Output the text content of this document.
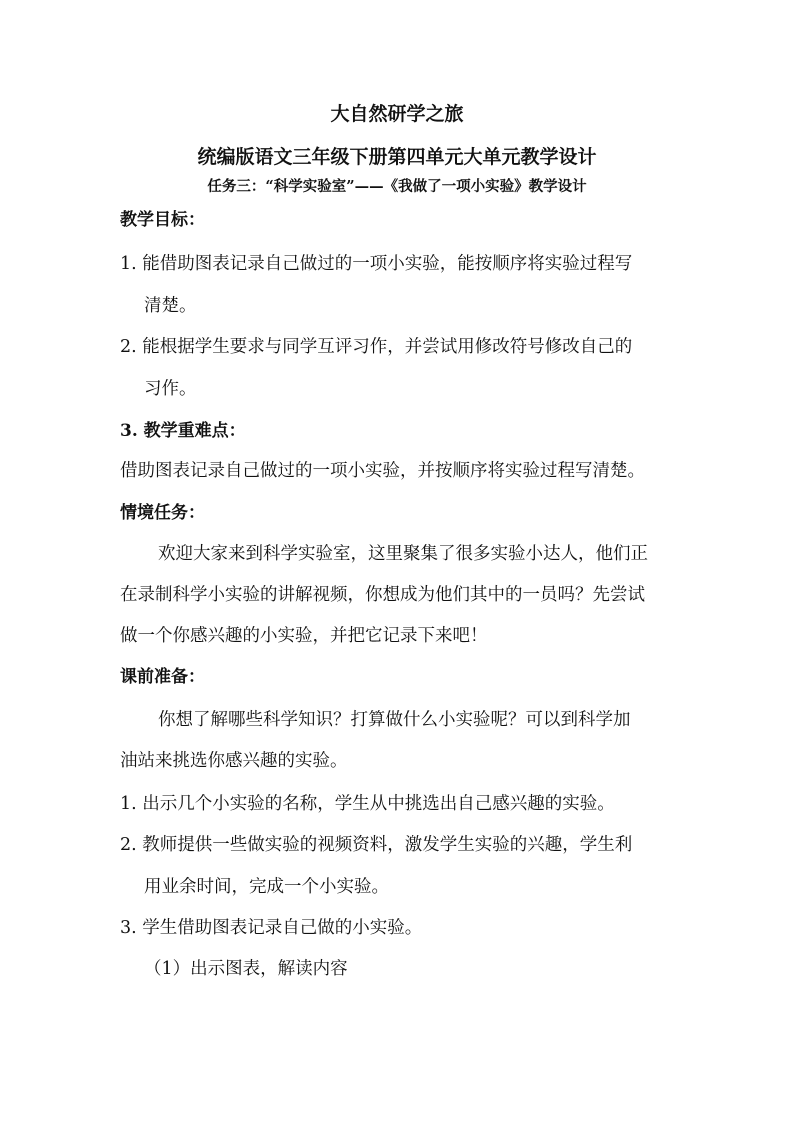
大自然研学之旅
统编版语文三年级下册第四单元大单元教学设计
任务三：“科学实验室”——《我做了一项小实验》教学设计
教学目标：
1. 能借助图表记录自己做过的一项小实验，能按顺序将实验过程写
清楚。
2. 能根据学生要求与同学互评习作，并尝试用修改符号修改自己的
习作。
3. 教学重难点：
借助图表记录自己做过的一项小实验，并按顺序将实验过程写清楚。
情境任务：
欢迎大家来到科学实验室，这里聚集了很多实验小达人，他们正
在录制科学小实验的讲解视频，你想成为他们其中的一员吗？先尝试
做一个你感兴趣的小实验，并把它记录下来吧！
课前准备：
你想了解哪些科学知识？打算做什么小实验呢？可以到科学加
油站来挑选你感兴趣的实验。
1. 出示几个小实验的名称，学生从中挑选出自己感兴趣的实验。
2. 教师提供一些做实验的视频资料，激发学生实验的兴趣，学生利
用业余时间，完成一个小实验。
3. 学生借助图表记录自己做的小实验。
（1）出示图表，解读内容
